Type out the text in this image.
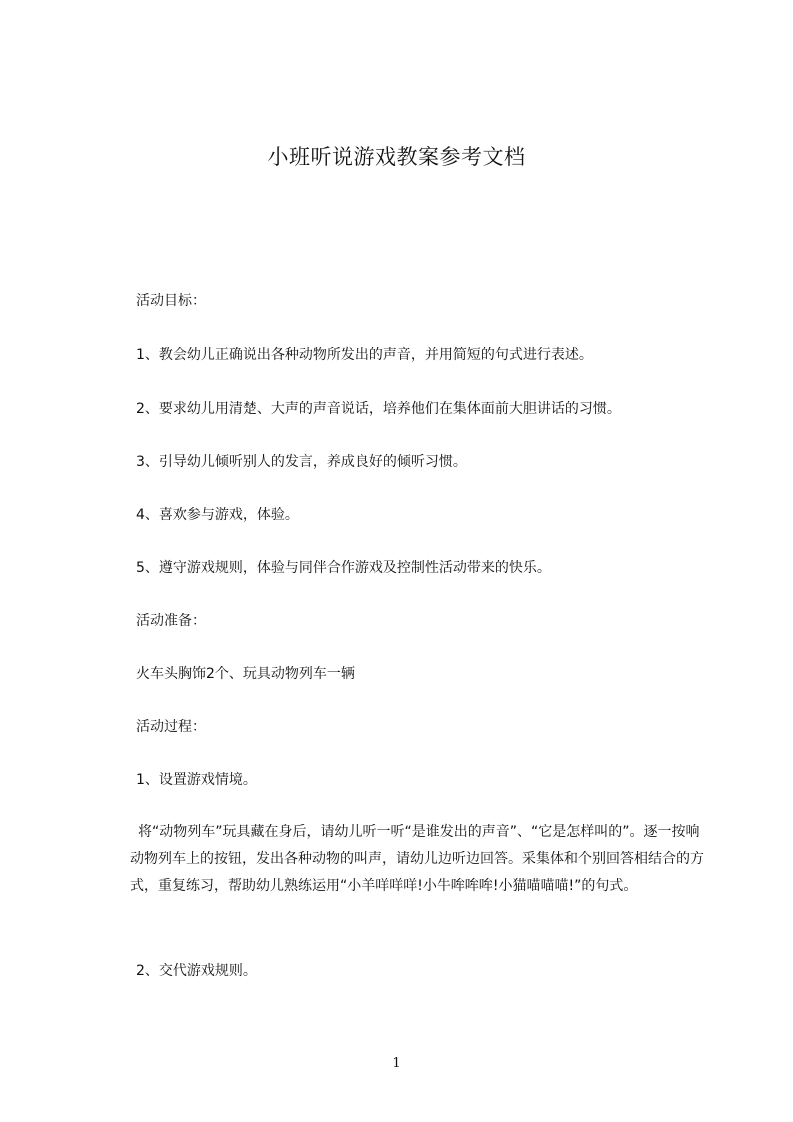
小班听说游戏教案参考文档
活动目标：
1、教会幼儿正确说出各种动物所发出的声音，并用简短的句式进行表述。
2、要求幼儿用清楚、大声的声音说话，培养他们在集体面前大胆讲话的习惯。
3、引导幼儿倾听别人的发言，养成良好的倾听习惯。
4、喜欢参与游戏，体验。
5、遵守游戏规则，体验与同伴合作游戏及控制性活动带来的快乐。
活动准备：
火车头胸饰2个、玩具动物列车一辆
活动过程：
1、设置游戏情境。
将“动物列车”玩具藏在身后，请幼儿听一听“是谁发出的声音”、“它是怎样叫的”。逐一按响动物列车上的按钮，发出各种动物的叫声，请幼儿边听边回答。采集体和个别回答相结合的方式，重复练习，帮助幼儿熟练运用“小羊咩咩咩!小牛哞哞哞!小猫喵喵喵!”的句式。
2、交代游戏规则。
1
